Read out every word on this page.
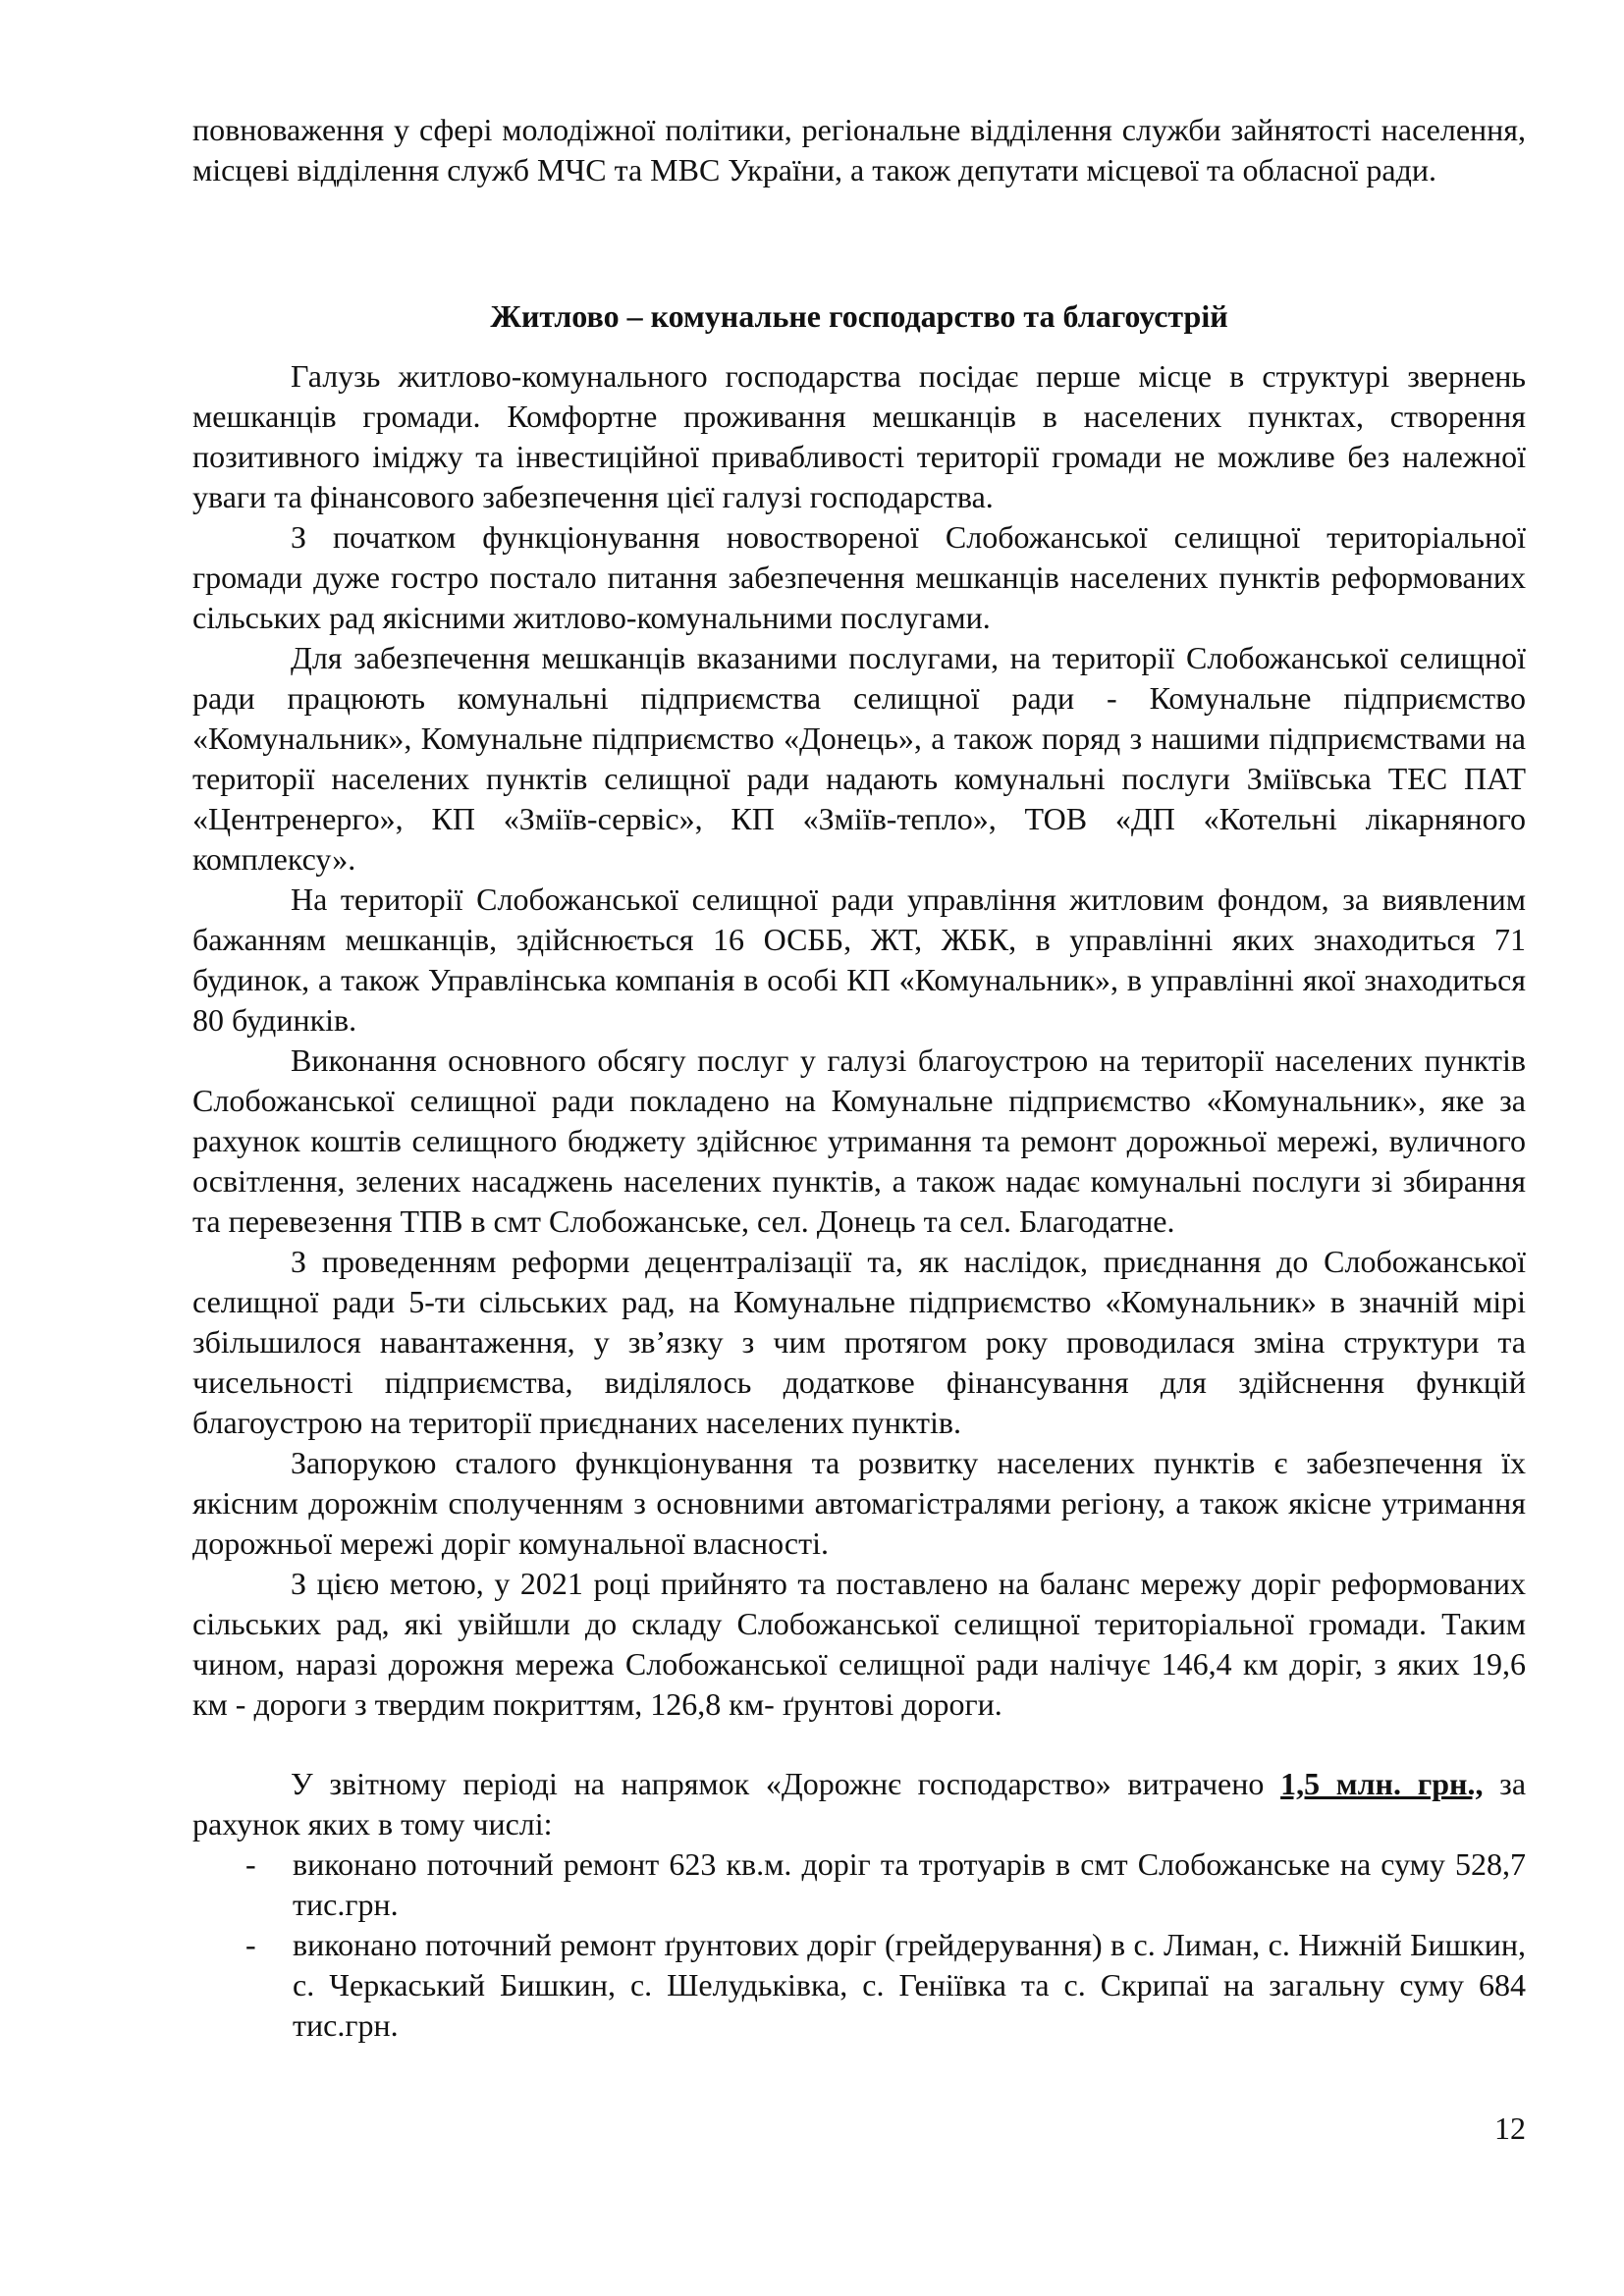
повноваження у сфері молодіжної політики, регіональне відділення служби зайнятості населення, місцеві відділення служб МЧС та МВС України, а також депутати місцевої та обласної ради.

Житлово – комунальне господарство та благоустрій

Галузь житлово-комунального господарства посідає перше місце в структурі звернень мешканців громади. Комфортне проживання мешканців в населених пунктах, створення позитивного іміджу та інвестиційної привабливості території громади не можливе без належної уваги та фінансового забезпечення цієї галузі господарства.

З початком функціонування новоствореної Слобожанської селищної територіальної громади дуже гостро постало питання забезпечення мешканців населених пунктів реформованих сільських рад якісними житлово-комунальними послугами.

Для забезпечення мешканців вказаними послугами, на території Слобожанської селищної ради працюють комунальні підприємства селищної ради - Комунальне підприємство «Комунальник», Комунальне підприємство «Донець», а також поряд з нашими підприємствами на території населених пунктів селищної ради надають комунальні послуги Зміївська ТЕС ПАТ «Центренерго», КП «Зміїв-сервіс», КП «Зміїв-тепло», ТОВ «ДП «Котельні лікарняного комплексу».

На території Слобожанської селищної ради управління житловим фондом, за виявленим бажанням мешканців, здійснюється 16 ОСББ, ЖТ, ЖБК, в управлінні яких знаходиться 71 будинок, а також Управлінська компанія в особі КП «Комунальник», в управлінні якої знаходиться 80 будинків.

Виконання основного обсягу послуг у галузі благоустрою на території населених пунктів Слобожанської селищної ради покладено на Комунальне підприємство «Комунальник», яке за рахунок коштів селищного бюджету здійснює утримання та ремонт дорожньої мережі, вуличного освітлення, зелених насаджень населених пунктів, а також надає комунальні послуги зі збирання та перевезення ТПВ в смт Слобожанське, сел. Донець та сел. Благодатне.

З проведенням реформи децентралізації та, як наслідок, приєднання до Слобожанської селищної ради 5-ти сільських рад, на Комунальне підприємство «Комунальник» в значній мірі збільшилося навантаження, у зв’язку з чим протягом року проводилася зміна структури та чисельності підприємства, виділялось додаткове фінансування для здійснення функцій благоустрою на території приєднаних населених пунктів.

Запорукою сталого функціонування та розвитку населених пунктів є забезпечення їх якісним дорожнім сполученням з основними автомагістралями регіону, а також якісне утримання дорожньої мережі доріг комунальної власності.

З цією метою, у 2021 році прийнято та поставлено на баланс мережу доріг реформованих сільських рад, які увійшли до складу Слобожанської селищної територіальної громади. Таким чином, наразі дорожня мережа Слобожанської селищної ради налічує 146,4 км доріг, з яких 19,6 км - дороги з твердим покриттям, 126,8 км- ґрунтові дороги.

У звітному періоді на напрямок «Дорожнє господарство» витрачено 1,5 млн. грн., за рахунок яких в тому числі:

- виконано поточний ремонт 623 кв.м. доріг та тротуарів в смт Слобожанське на суму 528,7 тис.грн.
- виконано поточний ремонт ґрунтових доріг (грейдерування) в с. Лиман, с. Нижній Бишкин, с. Черкаський Бишкин, с. Шелудьківка, с. Геніївка та с. Скрипаї на загальну суму 684 тис.грн.
12
